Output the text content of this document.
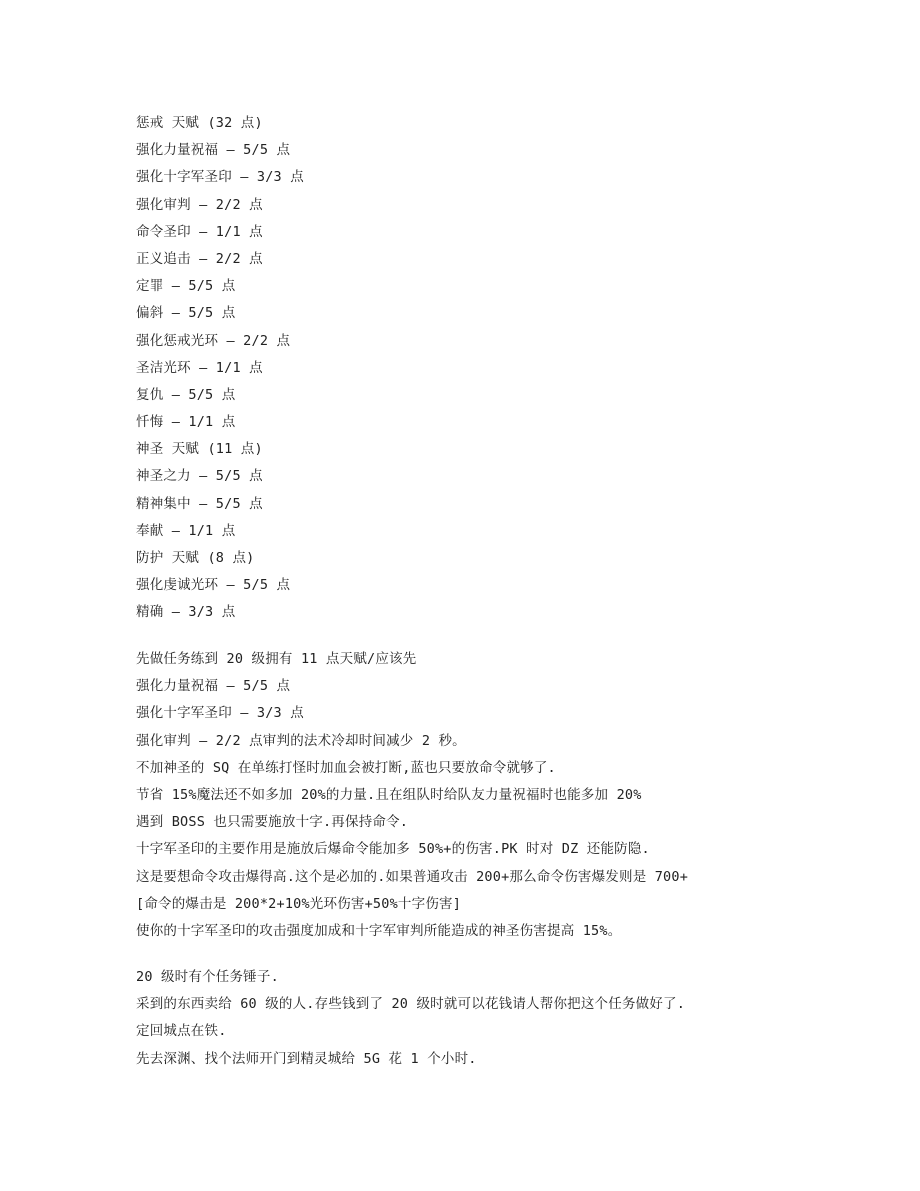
惩戒 天赋 (32 点)
强化力量祝福 – 5/5 点
强化十字军圣印 – 3/3 点
强化审判 – 2/2 点
命令圣印 – 1/1 点
正义追击 – 2/2 点
定罪 – 5/5 点
偏斜 – 5/5 点
强化惩戒光环 – 2/2 点
圣洁光环 – 1/1 点
复仇 – 5/5 点
忏悔 – 1/1 点
神圣 天赋 (11 点)
神圣之力 – 5/5 点
精神集中 – 5/5 点
奉献 – 1/1 点
防护 天赋 (8 点)
强化虔诚光环 – 5/5 点
精确 – 3/3 点
先做任务练到 20 级拥有 11 点天赋/应该先
强化力量祝福 – 5/5 点
强化十字军圣印 – 3/3 点
强化审判 – 2/2 点审判的法术冷却时间减少 2 秒。
不加神圣的 SQ 在单练打怪时加血会被打断,蓝也只要放命令就够了.
节省 15%魔法还不如多加 20%的力量.且在组队时给队友力量祝福时也能多加 20%
遇到 BOSS 也只需要施放十字.再保持命令.
十字军圣印的主要作用是施放后爆命令能加多 50%+的伤害.PK 时对 DZ 还能防隐.
这是要想命令攻击爆得高.这个是必加的.如果普通攻击 200+那么命令伤害爆发则是 700+
[命令的爆击是 200*2+10%光环伤害+50%十字伤害]
使你的十字军圣印的攻击强度加成和十字军审判所能造成的神圣伤害提高 15%。
20 级时有个任务锤子.
采到的东西卖给 60 级的人.存些钱到了 20 级时就可以花钱请人帮你把这个任务做好了.
定回城点在铁.
先去深渊、找个法师开门到精灵城给 5G 花 1 个小时.
